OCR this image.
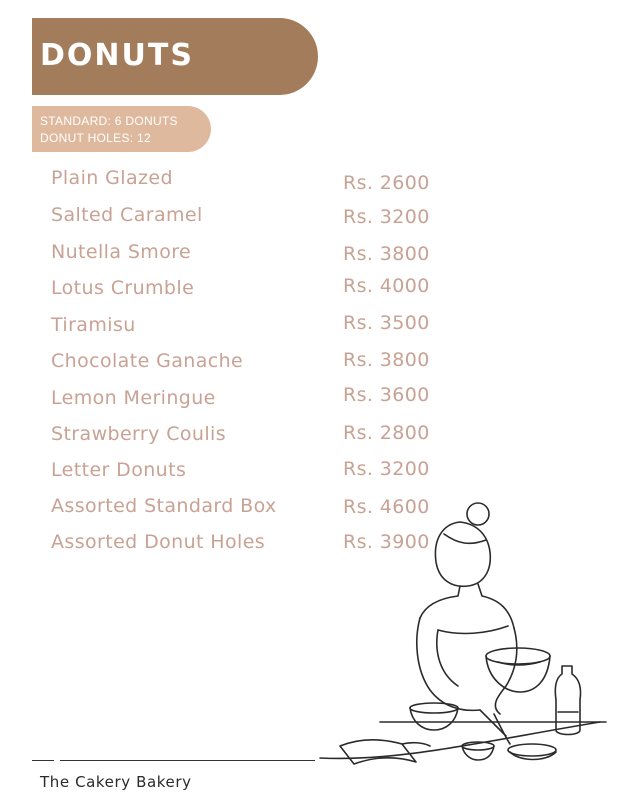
DONUTS
STANDARD: 6 DONUTS
DONUT HOLES: 12
Plain Glazed	Rs. 2600
Salted Caramel	Rs. 3200
Nutella Smore	Rs. 3800
Lotus Crumble	Rs. 4000
Tiramisu	Rs. 3500
Chocolate Ganache	Rs. 3800
Lemon Meringue	Rs. 3600
Strawberry Coulis	Rs. 2800
Letter Donuts	Rs. 3200
Assorted Standard Box	Rs. 4600
Assorted Donut Holes	Rs. 3900
The Cakery Bakery
